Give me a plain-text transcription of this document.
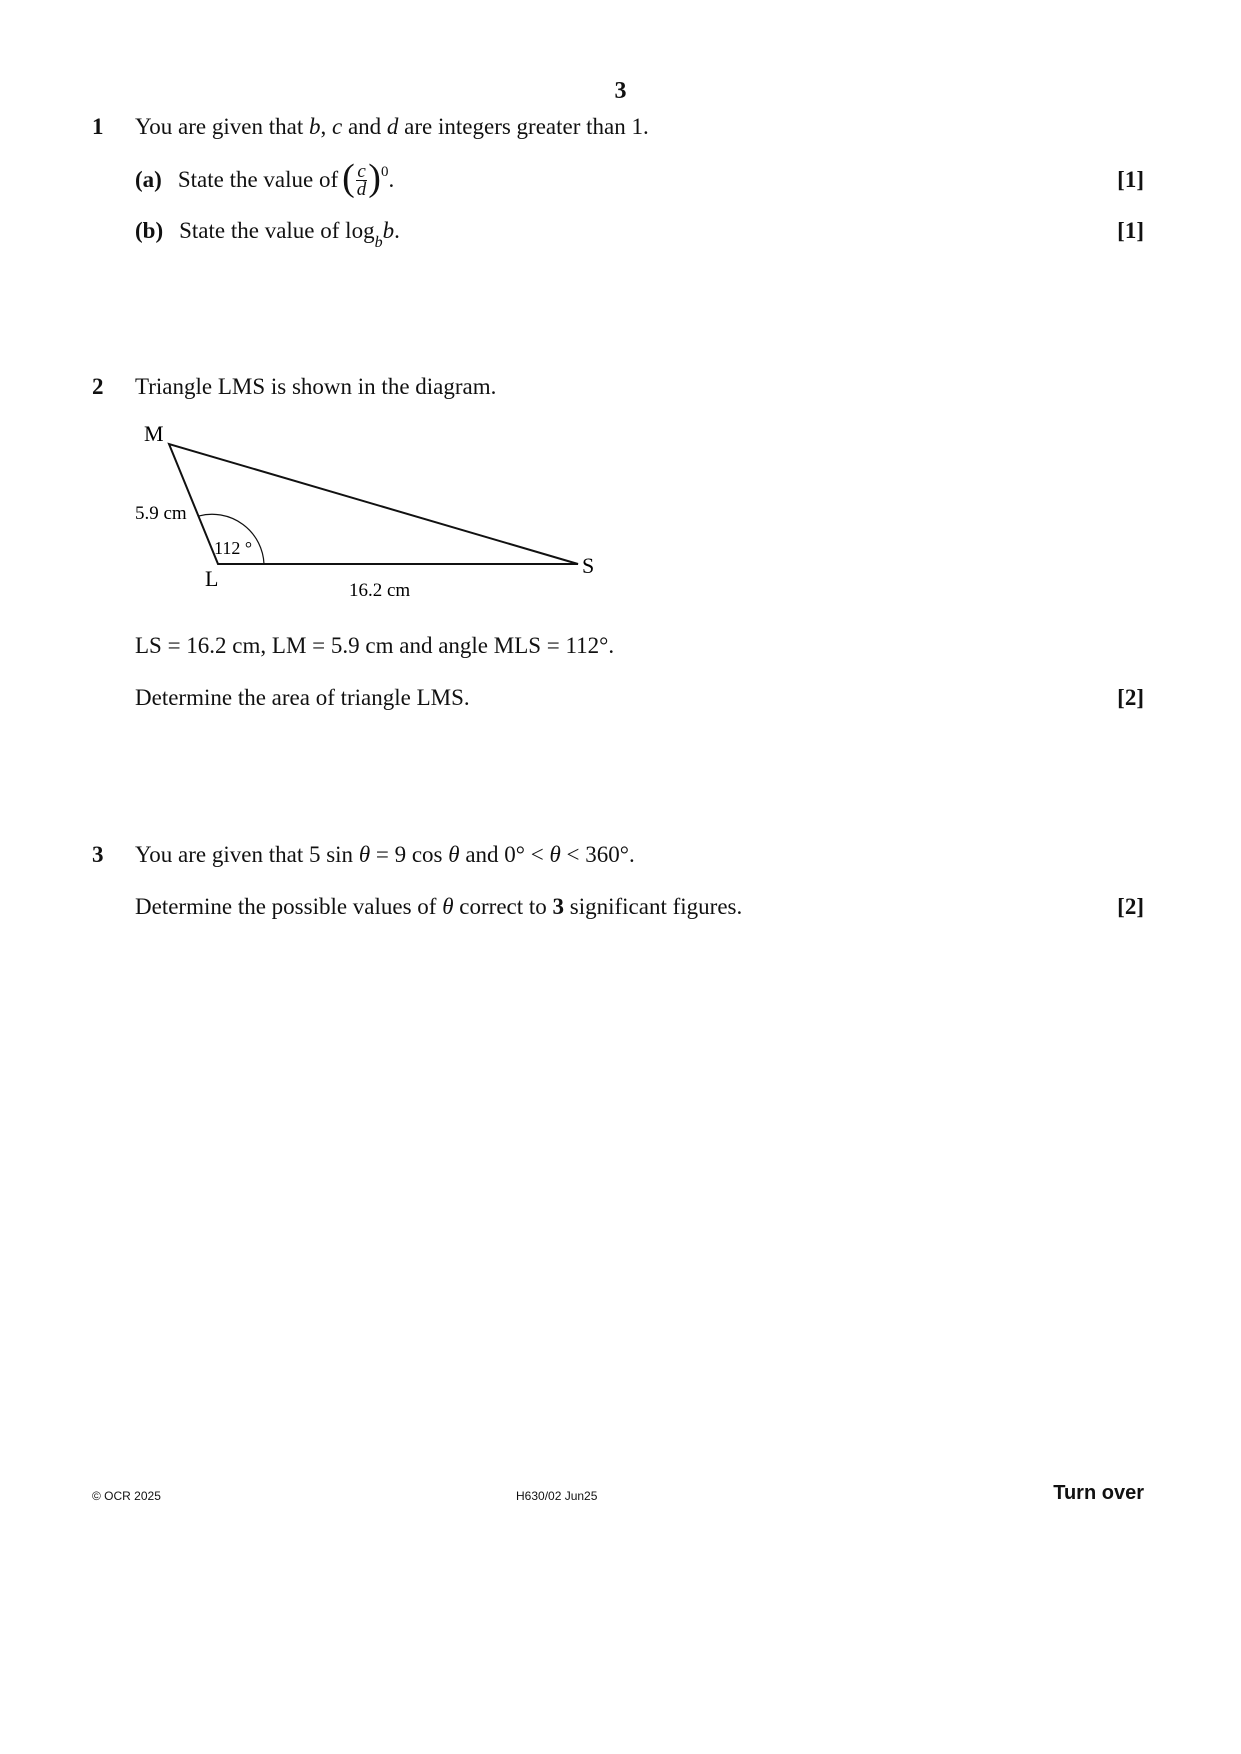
3
1 You are given that b, c and d are integers greater than 1.
(a) State the value of ( $\frac{c}{d} )^0$ .	[1]
(b) State the value of $\log_bb$.	[1]
2 Triangle LMS is shown in the diagram.
M
L
S
5.9 cm
16.2 cm
112 °
LS = 16.2 cm, LM = 5.9 cm and angle MLS = 112°.
Determine the area of triangle LMS.	[2]
3 You are given that 5 sin θ = 9 cos θ and 0° < θ < 360°.
Determine the possible values of θ correct to 3 significant figures.	[2]
© OCR 2025	H630/02 Jun25	Turn over
